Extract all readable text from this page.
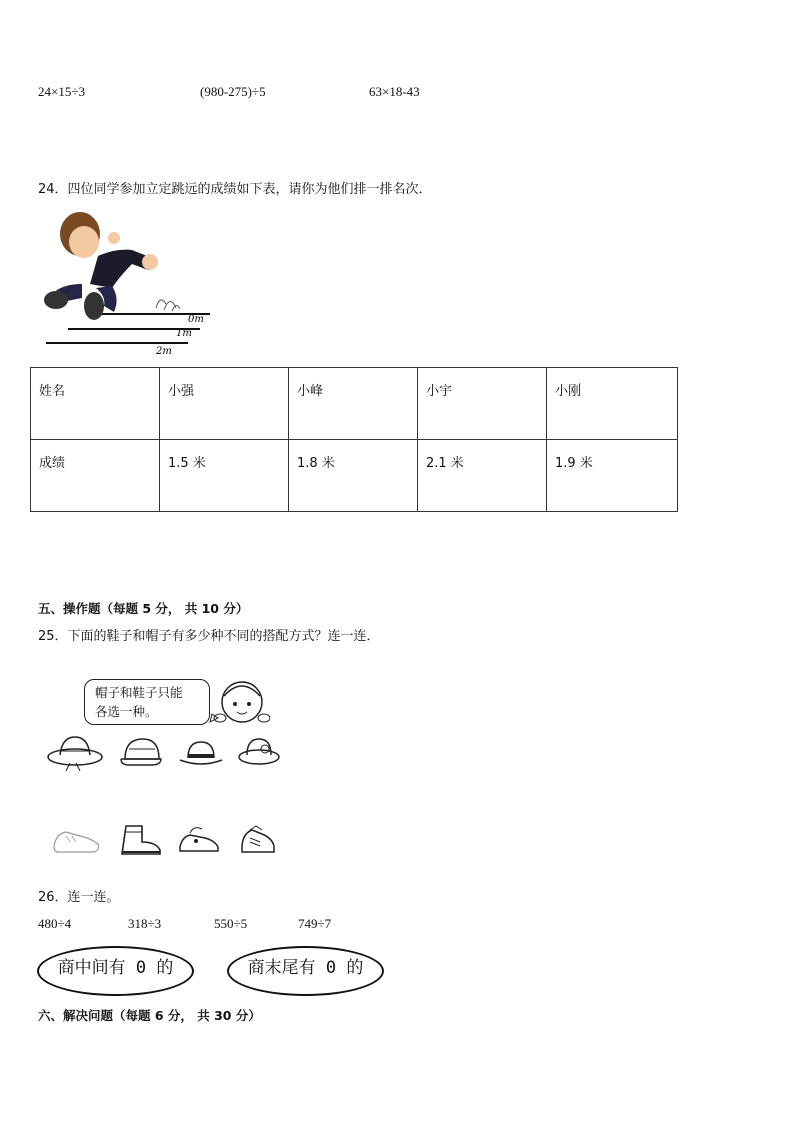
24×15÷3	(980-275)÷5	63×18-43
24．四位同学参加立定跳远的成绩如下表，请你为他们排一排名次．
0m
1m
2m
姓名	小强	小峰	小宇	小刚
成绩	1.5 米	1.8 米	2.1 米	1.9 米
五、操作题（每题 5 分， 共 10 分）
25．下面的鞋子和帽子有多少种不同的搭配方式？连一连．
帽子和鞋子只能
各选一种。
26．连一连。
480÷4	318÷3	550÷5	749÷7
商中间有 0 的	商末尾有 0 的
六、解决问题（每题 6 分， 共 30 分）
